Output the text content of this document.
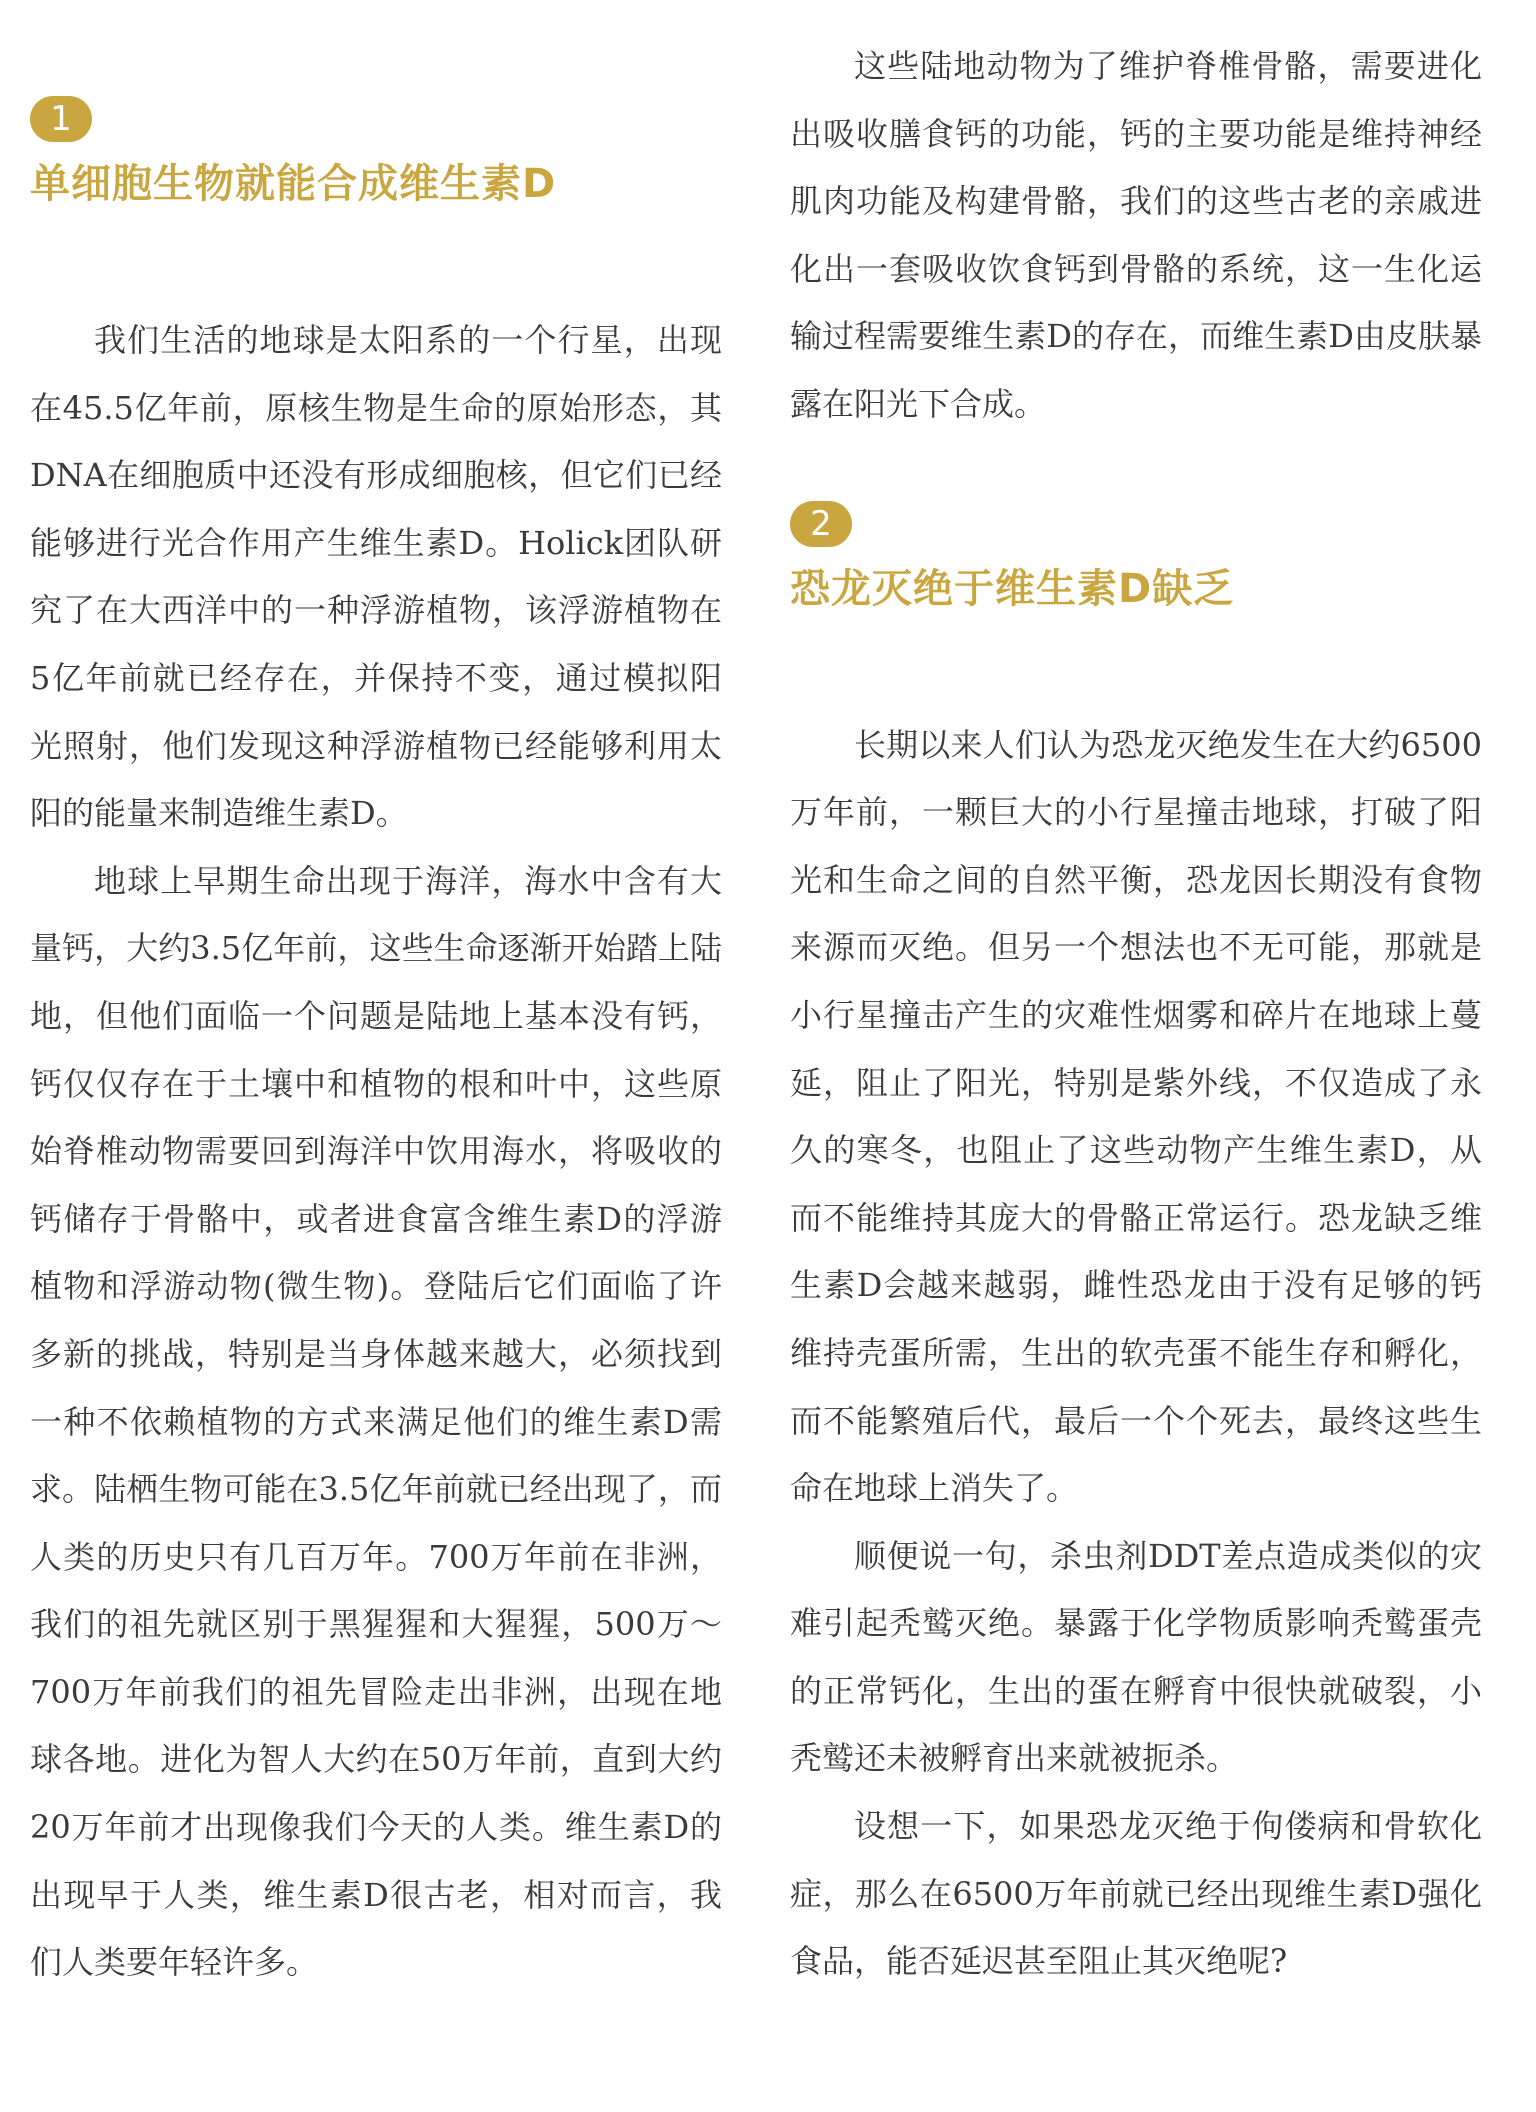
1
单细胞生物就能合成维生素D

我们生活的地球是太阳系的一个行星，出现在45.5亿年前，原核生物是生命的原始形态，其DNA在细胞质中还没有形成细胞核，但它们已经能够进行光合作用产生维生素D。Holick团队研究了在大西洋中的一种浮游植物，该浮游植物在5亿年前就已经存在，并保持不变，通过模拟阳光照射，他们发现这种浮游植物已经能够利用太阳的能量来制造维生素D。

地球上早期生命出现于海洋，海水中含有大量钙，大约3.5亿年前，这些生命逐渐开始踏上陆地，但他们面临一个问题是陆地上基本没有钙，钙仅仅存在于土壤中和植物的根和叶中，这些原始脊椎动物需要回到海洋中饮用海水，将吸收的钙储存于骨骼中，或者进食富含维生素D的浮游植物和浮游动物(微生物)。登陆后它们面临了许多新的挑战，特别是当身体越来越大，必须找到一种不依赖植物的方式来满足他们的维生素D需求。陆栖生物可能在3.5亿年前就已经出现了，而人类的历史只有几百万年。700万年前在非洲，我们的祖先就区别于黑猩猩和大猩猩，500万～700万年前我们的祖先冒险走出非洲，出现在地球各地。进化为智人大约在50万年前，直到大约20万年前才出现像我们今天的人类。维生素D的出现早于人类，维生素D很古老，相对而言，我们人类要年轻许多。

这些陆地动物为了维护脊椎骨骼，需要进化出吸收膳食钙的功能，钙的主要功能是维持神经肌肉功能及构建骨骼，我们的这些古老的亲戚进化出一套吸收饮食钙到骨骼的系统，这一生化运输过程需要维生素D的存在，而维生素D由皮肤暴露在阳光下合成。

2
恐龙灭绝于维生素D缺乏

长期以来人们认为恐龙灭绝发生在大约6500万年前，一颗巨大的小行星撞击地球，打破了阳光和生命之间的自然平衡，恐龙因长期没有食物来源而灭绝。但另一个想法也不无可能，那就是小行星撞击产生的灾难性烟雾和碎片在地球上蔓延，阻止了阳光，特别是紫外线，不仅造成了永久的寒冬，也阻止了这些动物产生维生素D，从而不能维持其庞大的骨骼正常运行。恐龙缺乏维生素D会越来越弱，雌性恐龙由于没有足够的钙维持壳蛋所需，生出的软壳蛋不能生存和孵化，而不能繁殖后代，最后一个个死去，最终这些生命在地球上消失了。

顺便说一句，杀虫剂DDT差点造成类似的灾难引起秃鹫灭绝。暴露于化学物质影响秃鹫蛋壳的正常钙化，生出的蛋在孵育中很快就破裂，小秃鹫还未被孵育出来就被扼杀。

设想一下，如果恐龙灭绝于佝偻病和骨软化症，那么在6500万年前就已经出现维生素D强化食品，能否延迟甚至阻止其灭绝呢?
